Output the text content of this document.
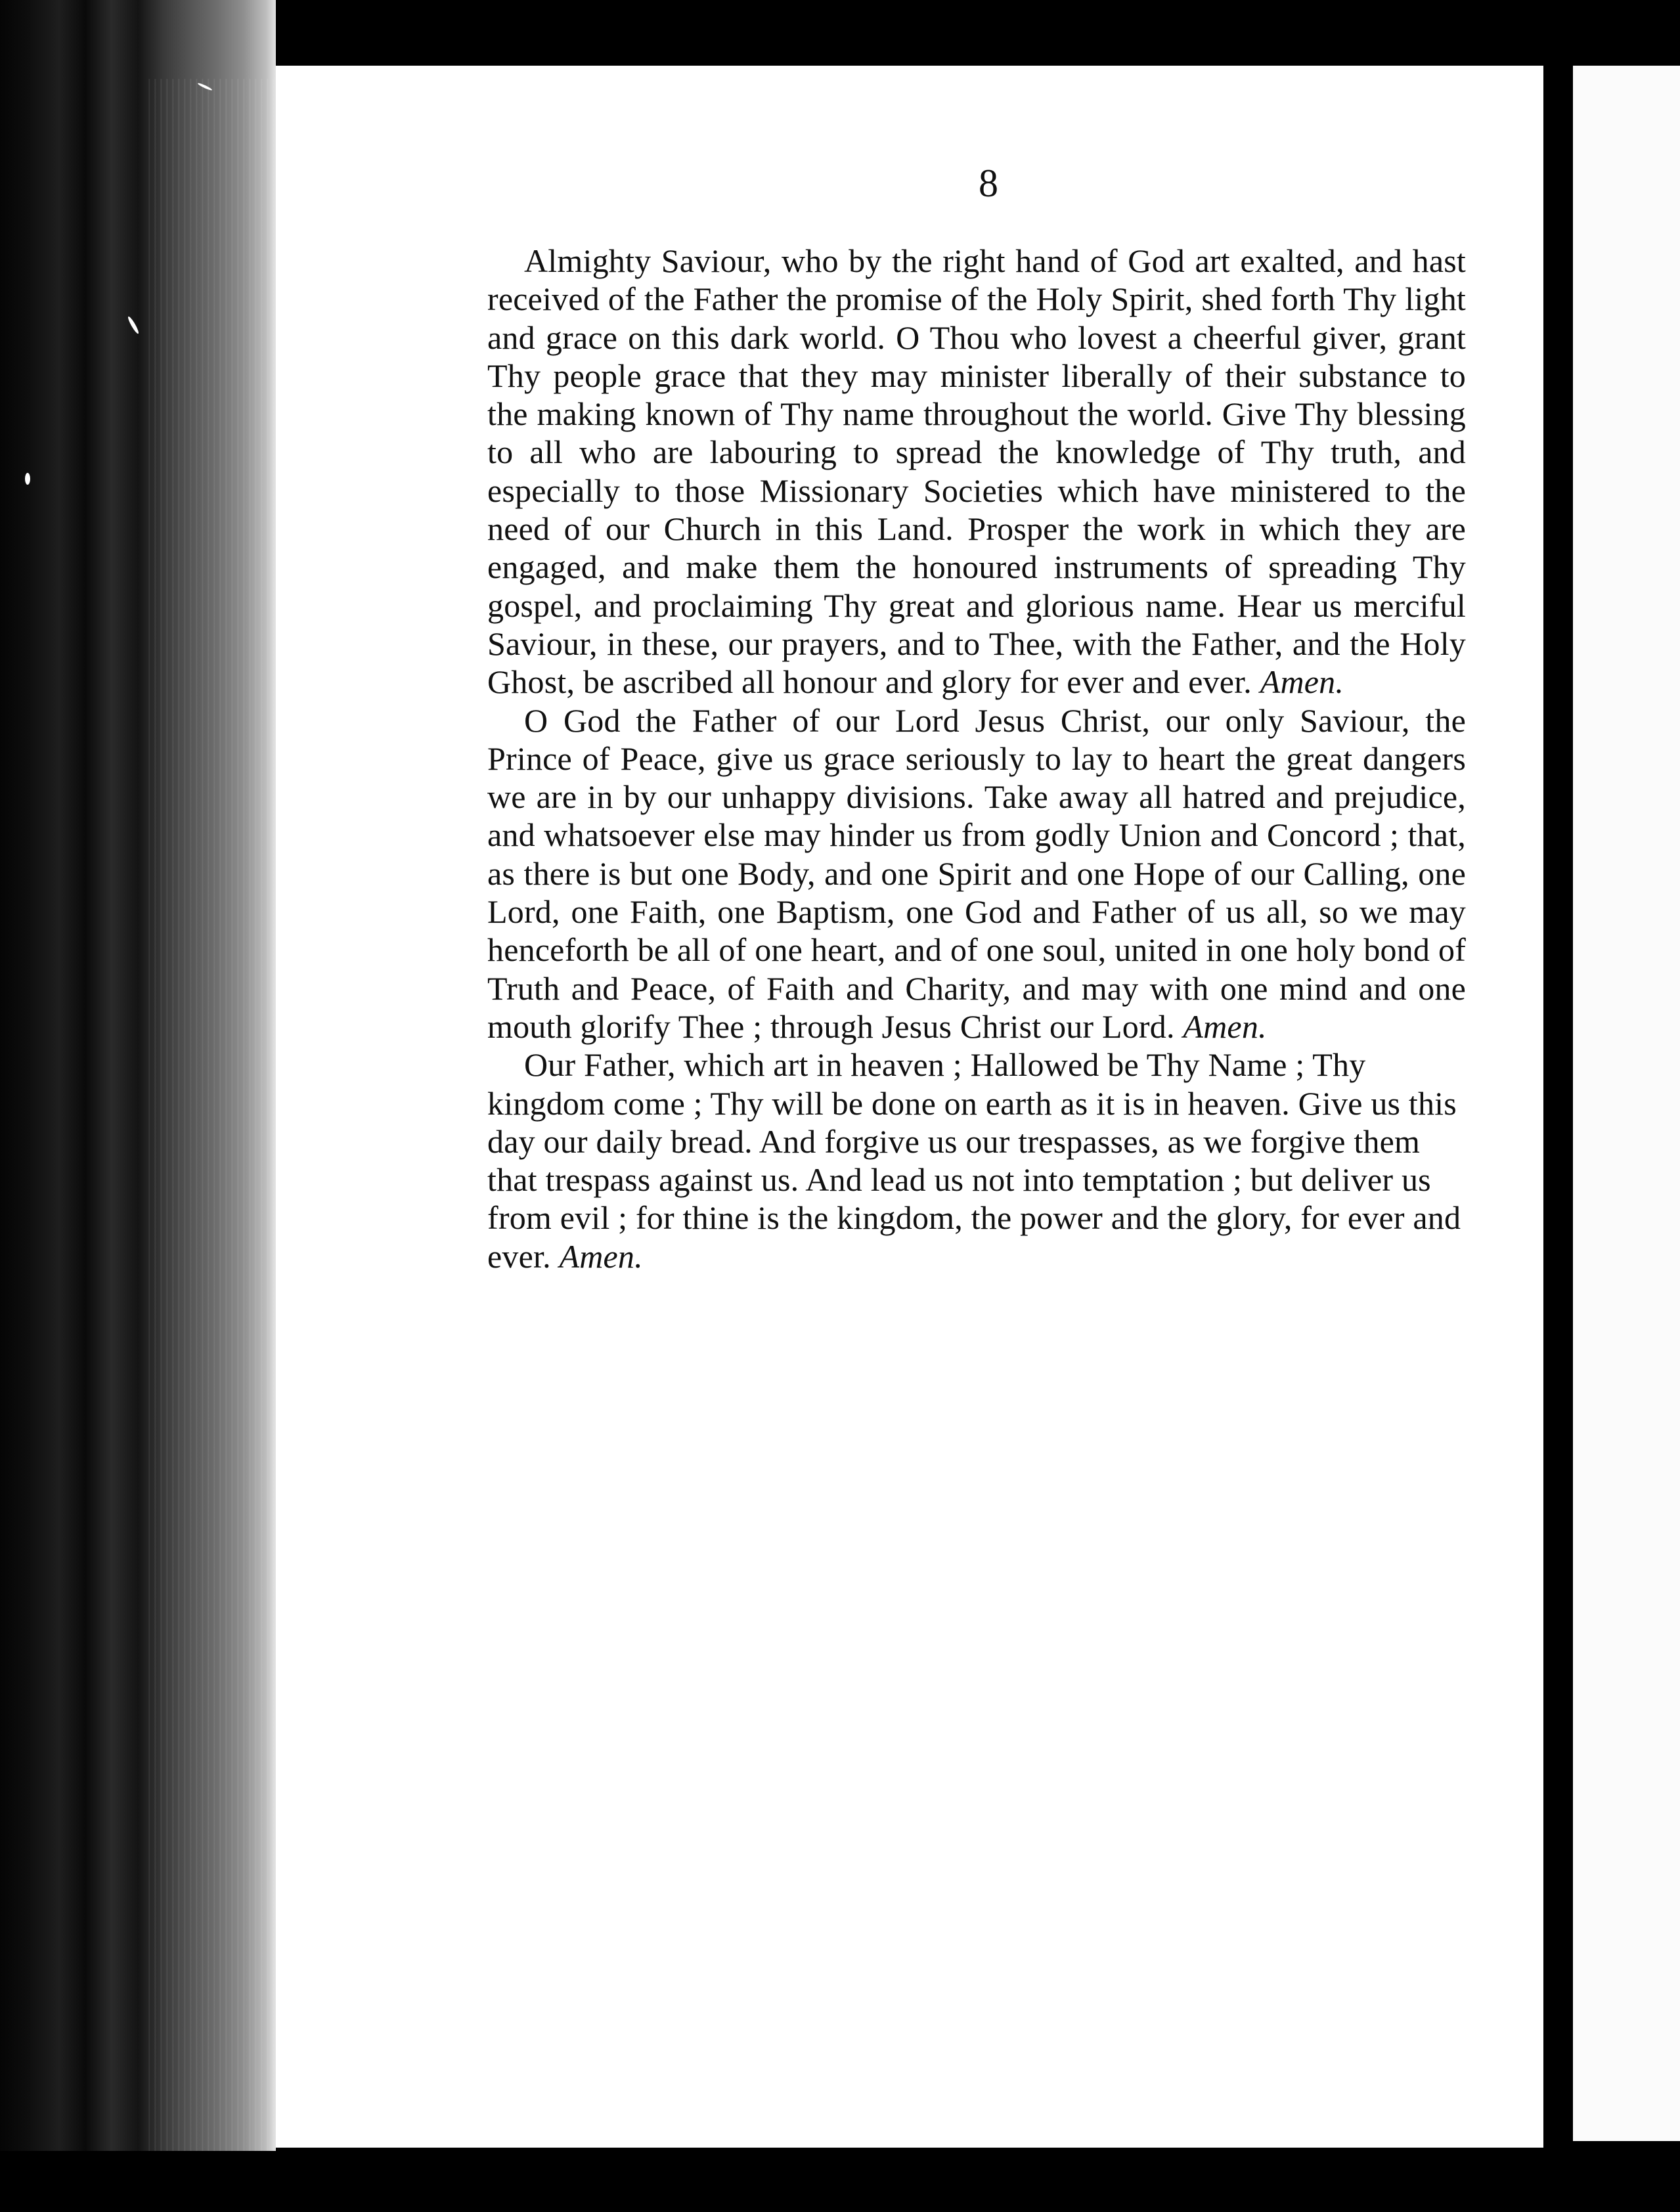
8

Almighty Saviour, who by the right hand of God art exalted, and hast received of the Father the promise of the Holy Spirit, shed forth Thy light and grace on this dark world. O Thou who lovest a cheerful giver, grant Thy people grace that they may minister liberally of their substance to the making known of Thy name throughout the world. Give Thy blessing to all who are labouring to spread the knowledge of Thy truth, and especially to those Missionary Societies which have ministered to the need of our Church in this Land. Prosper the work in which they are engaged, and make them the honoured instruments of spreading Thy gospel, and proclaiming Thy great and glorious name. Hear us merciful Saviour, in these, our prayers, and to Thee, with the Father, and the Holy Ghost, be ascribed all honour and glory for ever and ever. Amen.

O God the Father of our Lord Jesus Christ, our only Saviour, the Prince of Peace, give us grace seriously to lay to heart the great dangers we are in by our unhappy divisions. Take away all hatred and prejudice, and whatsoever else may hinder us from godly Union and Concord ; that, as there is but one Body, and one Spirit and one Hope of our Calling, one Lord, one Faith, one Baptism, one God and Father of us all, so we may henceforth be all of one heart, and of one soul, united in one holy bond of Truth and Peace, of Faith and Charity, and may with one mind and one mouth glorify Thee ; through Jesus Christ our Lord. Amen.

Our Father, which art in heaven ; Hallowed be Thy Name ; Thy kingdom come ; Thy will be done on earth as it is in heaven. Give us this day our daily bread. And forgive us our trespasses, as we forgive them that trespass against us. And lead us not into temptation ; but deliver us from evil ; for thine is the kingdom, the power and the glory, for ever and ever. Amen.
